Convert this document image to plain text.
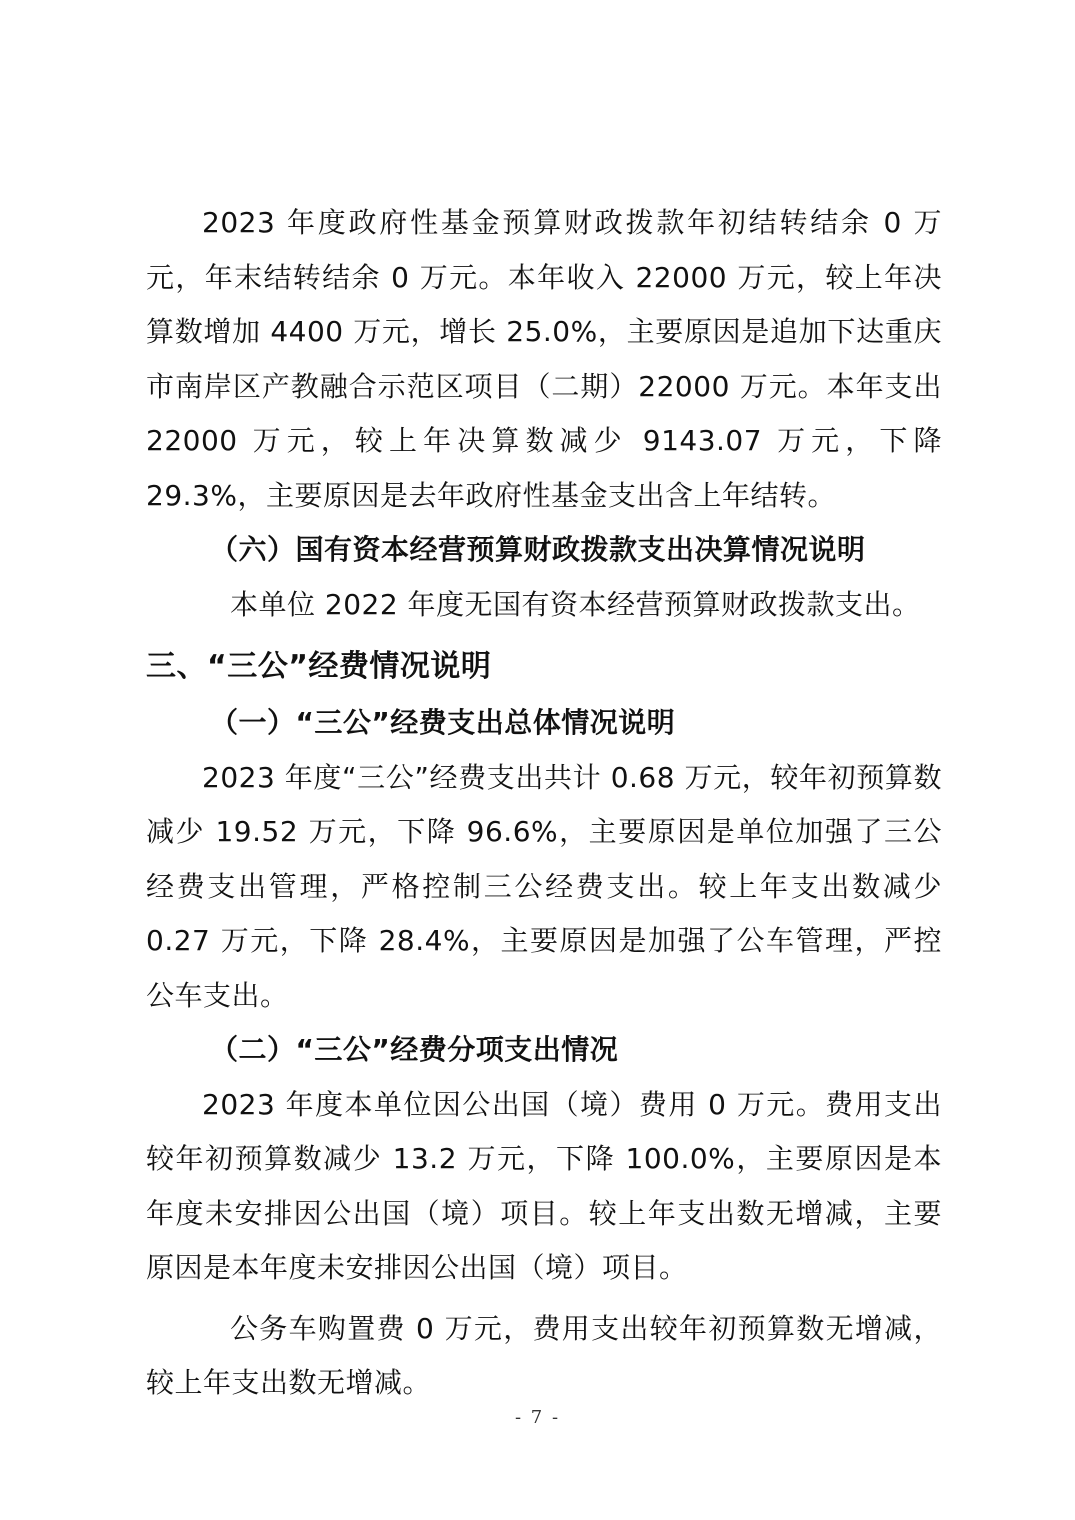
2023 年度政府性基金预算财政拨款年初结转结余 0 万元，年末结转结余 0 万元。本年收入 22000 万元，较上年决算数增加 4400 万元，增长 25.0%，主要原因是追加下达重庆市南岸区产教融合示范区项目（二期）22000 万元。本年支出 22000 万元，较上年决算数减少 9143.07 万元，下降 29.3%，主要原因是去年政府性基金支出含上年结转。

（六）国有资本经营预算财政拨款支出决算情况说明

本单位 2022 年度无国有资本经营预算财政拨款支出。

三、“三公”经费情况说明

（一）“三公”经费支出总体情况说明

2023 年度“三公”经费支出共计 0.68 万元，较年初预算数减少 19.52 万元，下降 96.6%，主要原因是单位加强了三公经费支出管理，严格控制三公经费支出。较上年支出数减少 0.27 万元，下降 28.4%，主要原因是加强了公车管理，严控公车支出。

（二）“三公”经费分项支出情况

2023 年度本单位因公出国（境）费用 0 万元。费用支出较年初预算数减少 13.2 万元，下降 100.0%，主要原因是本年度未安排因公出国（境）项目。较上年支出数无增减，主要原因是本年度未安排因公出国（境）项目。

公务车购置费 0 万元，费用支出较年初预算数无增减，较上年支出数无增减。

- 7 -
